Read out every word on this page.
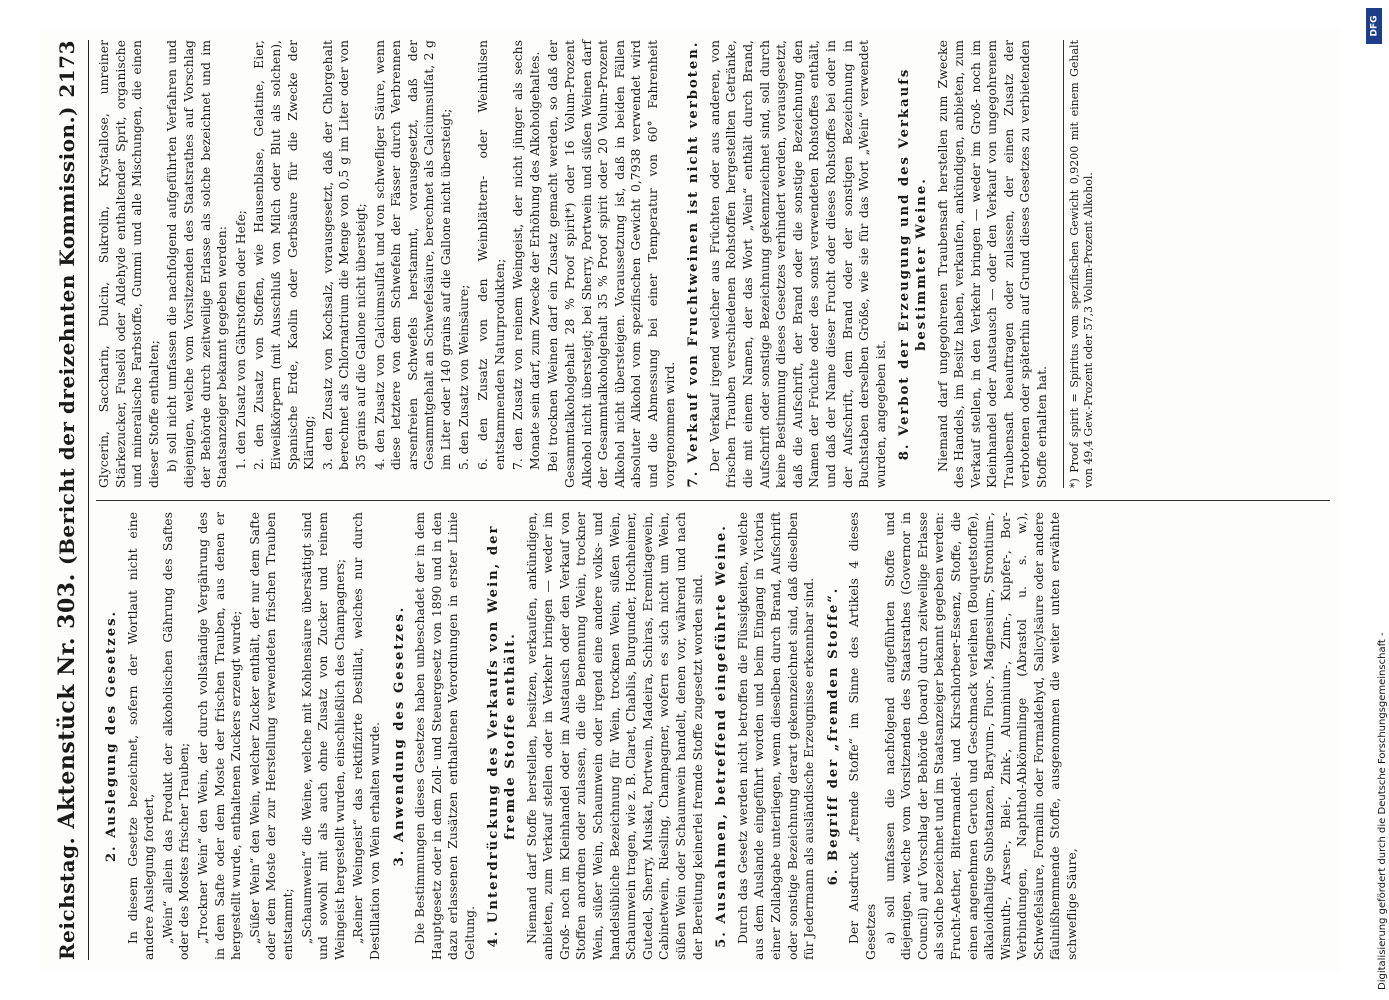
Reichstag.
Aktenstück Nr. 303.
(Bericht der dreizehnten Kommission.)
2173
2. Auslegung des Gesetzes. In diesem Gesetze bezeichnet, sofern der Wortlaut nicht eine andere Auslegung fordert, „Wein“ allein das Produkt der alkoholischen Gährung des Saftes oder des Mostes frischer Trauben; „Trockner Wein“ den Wein, der durch vollständige Vergährung des in dem Safte oder dem Moste der frischen Trauben, aus denen er hergestellt wurde, enthaltenen Zuckers erzeugt wurde; „Süßer Wein“ den Wein, welcher Zucker enthält, der nur dem Safte oder dem Moste der zur Herstellung verwendeten frischen Trauben entstammt; „Schaumwein“ die Weine, welche mit Kohlensäure übersättigt sind und sowohl mit als auch ohne Zusatz von Zucker und reinem Weingeist hergestellt wurden, einschließlich des Champagners; „Reiner Weingeist“ das rektifizirte Destillat, welches nur durch Destillation von Wein erhalten wurde. 3. Anwendung des Gesetzes. Die Bestimmungen dieses Gesetzes haben unbeschadet der in dem Hauptgesetz oder in dem Zoll- und Steuergesetz von 1890 und in den dazu erlassenen Zusätzen enthaltenen Verordnungen in erster Linie Geltung. 4. Unterdrückung des Verkaufs von Wein, der fremde Stoffe enthält. Niemand darf Stoffe herstellen, besitzen, verkaufen, ankündigen, anbieten, zum Verkauf stellen oder in Verkehr bringen — weder im Groß- noch im Kleinhandel oder im Austausch oder den Verkauf von Stoffen anordnen oder zulassen, die die Benennung Wein, trockner Wein, süßer Wein, Schaumwein oder irgend eine andere volks- und handelsübliche Bezeichnung für Wein, trocknen Wein, süßen Wein, Schaumwein tragen, wie z. B. Claret, Chablis, Burgunder, Hochheimer, Gutedel, Sherry, Muskat, Portwein, Madeira, Schiras, Eremitagewein, Cabinetwein, Riesling, Champagner, wofern es sich nicht um Wein, süßen Wein oder Schaumwein handelt, denen vor, während und nach der Bereitung keinerlei fremde Stoffe zugesetzt worden sind. 5. Ausnahmen, betreffend eingeführte Weine. Durch das Gesetz werden nicht betroffen die Flüssigkeiten, welche aus dem Auslande eingeführt worden und beim Eingang in Victoria einer Zollabgabe unterliegen, wenn dieselben durch Brand, Aufschrift oder sonstige Bezeichnung derart gekennzeichnet sind, daß dieselben für Jedermann als ausländische Erzeugnisse erkennbar sind. 6. Begriff der „fremden Stoffe“. Der Ausdruck „fremde Stoffe“ im Sinne des Artikels 4 dieses Gesetzes a) soll umfassen die nachfolgend aufgeführten Stoffe und diejenigen, welche vom Vorsitzenden des Staatsrathes (Governor in Council) auf Vorschlag der Behörde (board) durch zeitweilige Erlasse als solche bezeichnet und im Staatsanzeiger bekannt gegeben werden: Frucht-Aether, Bittermandel- und Kirschlorbeer-Essenz, Stoffe, die einen angenehmen Geruch und Geschmack verleihen (Bouquetstoffe), alkaloidhaltige Substanzen, Baryum-, Fluor-, Magnesium-, Strontium-, Wismuth-, Arsen-, Blei-, Zink-, Aluminium-, Zinn-, Kupfer-, Bor-Verbindungen, Naphthol-Abkömmlinge (Abrastol u. s. w.), Schwefelsäure, Formalin oder Formaldehyd, Salicylsäure oder andere fäulnißhemmende Stoffe, ausgenommen die weiter unten erwähnte schweflige Säure,

Glycerin, Saccharin, Dulcin, Sukrolin, Krystallose, unreiner Stärkezucker, Fuselöl oder Aldehyde enthaltender Sprit, organische und mineralische Farbstoffe, Gummi und alle Mischungen, die einen dieser Stoffe enthalten; b) soll nicht umfassen die nachfolgend aufgeführten Verfahren und diejenigen, welche vom Vorsitzenden des Staatsrathes auf Vorschlag der Behörde durch zeitweilige Erlasse als solche bezeichnet und im Staatsanzeiger bekannt gegeben werden: 1. den Zusatz von Gährstoffen oder Hefe; 2. den Zusatz von Stoffen, wie Hausenblase, Gelatine, Eier, Eiweißkörpern (mit Ausschluß von Milch oder Blut als solchen), Spanische Erde, Kaolin oder Gerbsäure für die Zwecke der Klärung; 3. den Zusatz von Kochsalz, vorausgesetzt, daß der Chlorgehalt berechnet als Chlornatrium die Menge von 0,5 g im Liter oder von 35 grains auf die Gallone nicht übersteigt; 4. den Zusatz von Calciumsulfat und von schwefliger Säure, wenn diese letztere von dem Schwefeln der Fässer durch Verbrennen arsenfreien Schwefels herstammt, vorausgesetzt, daß der Gesammtgehalt an Schwefelsäure, berechnet als Calciumsulfat, 2 g im Liter oder 140 grains auf die Gallone nicht übersteigt; 5. den Zusatz von Weinsäure; 6. den Zusatz von den Weinblättern- oder Weinhülsen entstammenden Naturprodukten; 7. den Zusatz von reinem Weingeist, der nicht jünger als sechs Monate sein darf, zum Zwecke der Erhöhung des Alkoholgehaltes. Bei trocknen Weinen darf ein Zusatz gemacht werden, so daß der Gesammtalkoholgehalt 28 % Proof spirit*) oder 16 Volum-Prozent Alkohol nicht übersteigt; bei Sherry, Portwein und süßen Weinen darf der Gesammtalkoholgehalt 35 % Proof spirit oder 20 Volum-Prozent Alkohol nicht übersteigen. Voraussetzung ist, daß in beiden Fällen absoluter Alkohol vom spezifischen Gewicht 0,7938 verwendet wird und die Abmessung bei einer Temperatur von 60° Fahrenheit vorgenommen wird. 7. Verkauf von Fruchtweinen ist nicht verboten. Der Verkauf irgend welcher aus Früchten oder aus anderen, von frischen Trauben verschiedenen Rohstoffen hergestellten Getränke, die mit einem Namen, der das Wort „Wein“ enthält durch Brand, Aufschrift oder sonstige Bezeichnung gekennzeichnet sind, soll durch keine Bestimmung dieses Gesetzes verhindert werden, vorausgesetzt, daß die Aufschrift, der Brand oder die sonstige Bezeichnung den Namen der Früchte oder des sonst verwendeten Rohstoffes enthält, und daß der Name dieser Frucht oder dieses Rohstoffes bei oder in der Aufschrift, dem Brand oder der sonstigen Bezeichnung in Buchstaben derselben Größe, wie sie für das Wort „Wein“ verwendet wurden, angegeben ist. 8. Verbot der Erzeugung und des Verkaufs bestimmter Weine. Niemand darf ungegohrenen Traubensaft herstellen zum Zwecke des Handels, im Besitz haben, verkaufen, ankündigen, anbieten, zum Verkauf stellen, in den Verkehr bringen — weder im Groß- noch im Kleinhandel oder Austausch — oder den Verkauf von ungegohrenem Traubensaft beauftragen oder zulassen, der einen Zusatz der verbotenen oder späterhin auf Grund dieses Gesetzes zu verbietenden Stoffe erhalten hat. *) Proof spirit = Spiritus vom spezifischen Gewicht 0,9200 mit einem Gehalt von 49,4 Gew.-Prozent oder 57,3 Volum-Prozent Alkohol.

Digitalisierung gefördert durch die Deutsche Forschungsgemeinschaft -
DFG
